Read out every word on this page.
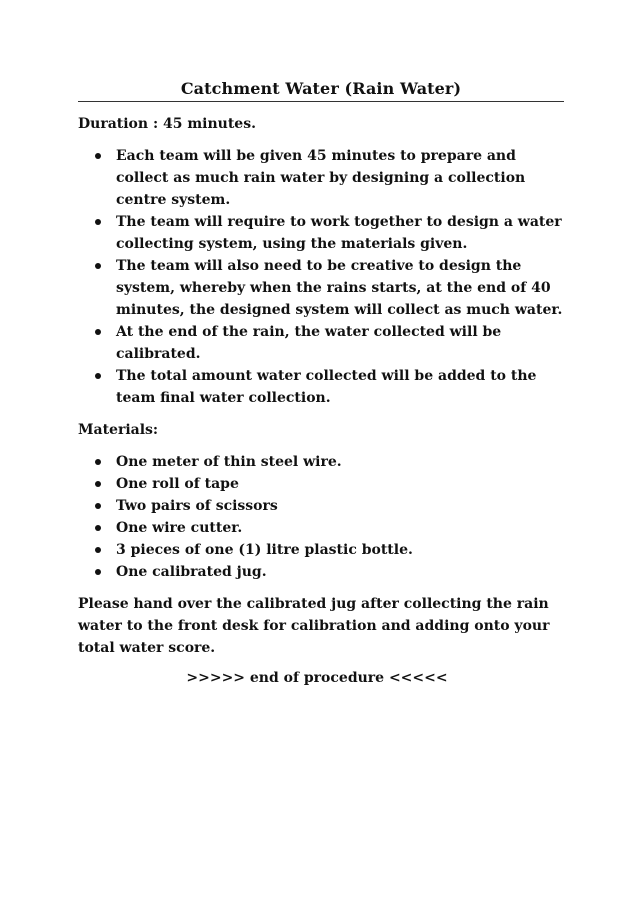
Catchment Water (Rain Water)

Duration : 45 minutes.

Each team will be given 45 minutes to prepare and collect as much rain water by designing a collection centre system.
The team will require to work together to design a water collecting system, using the materials given.
The team will also need to be creative to design the system, whereby when the rains starts, at the end of 40 minutes, the designed system will collect as much water.
At the end of the rain, the water collected will be calibrated.
The total amount water collected will be added to the team final water collection.

Materials:

One meter of thin steel wire.
One roll of tape
Two pairs of scissors
One wire cutter.
3 pieces of one (1) litre plastic bottle.
One calibrated jug.

Please hand over the calibrated jug after collecting the rain water to the front desk for calibration and adding onto your total water score.

>>>>> end of procedure <<<<<
